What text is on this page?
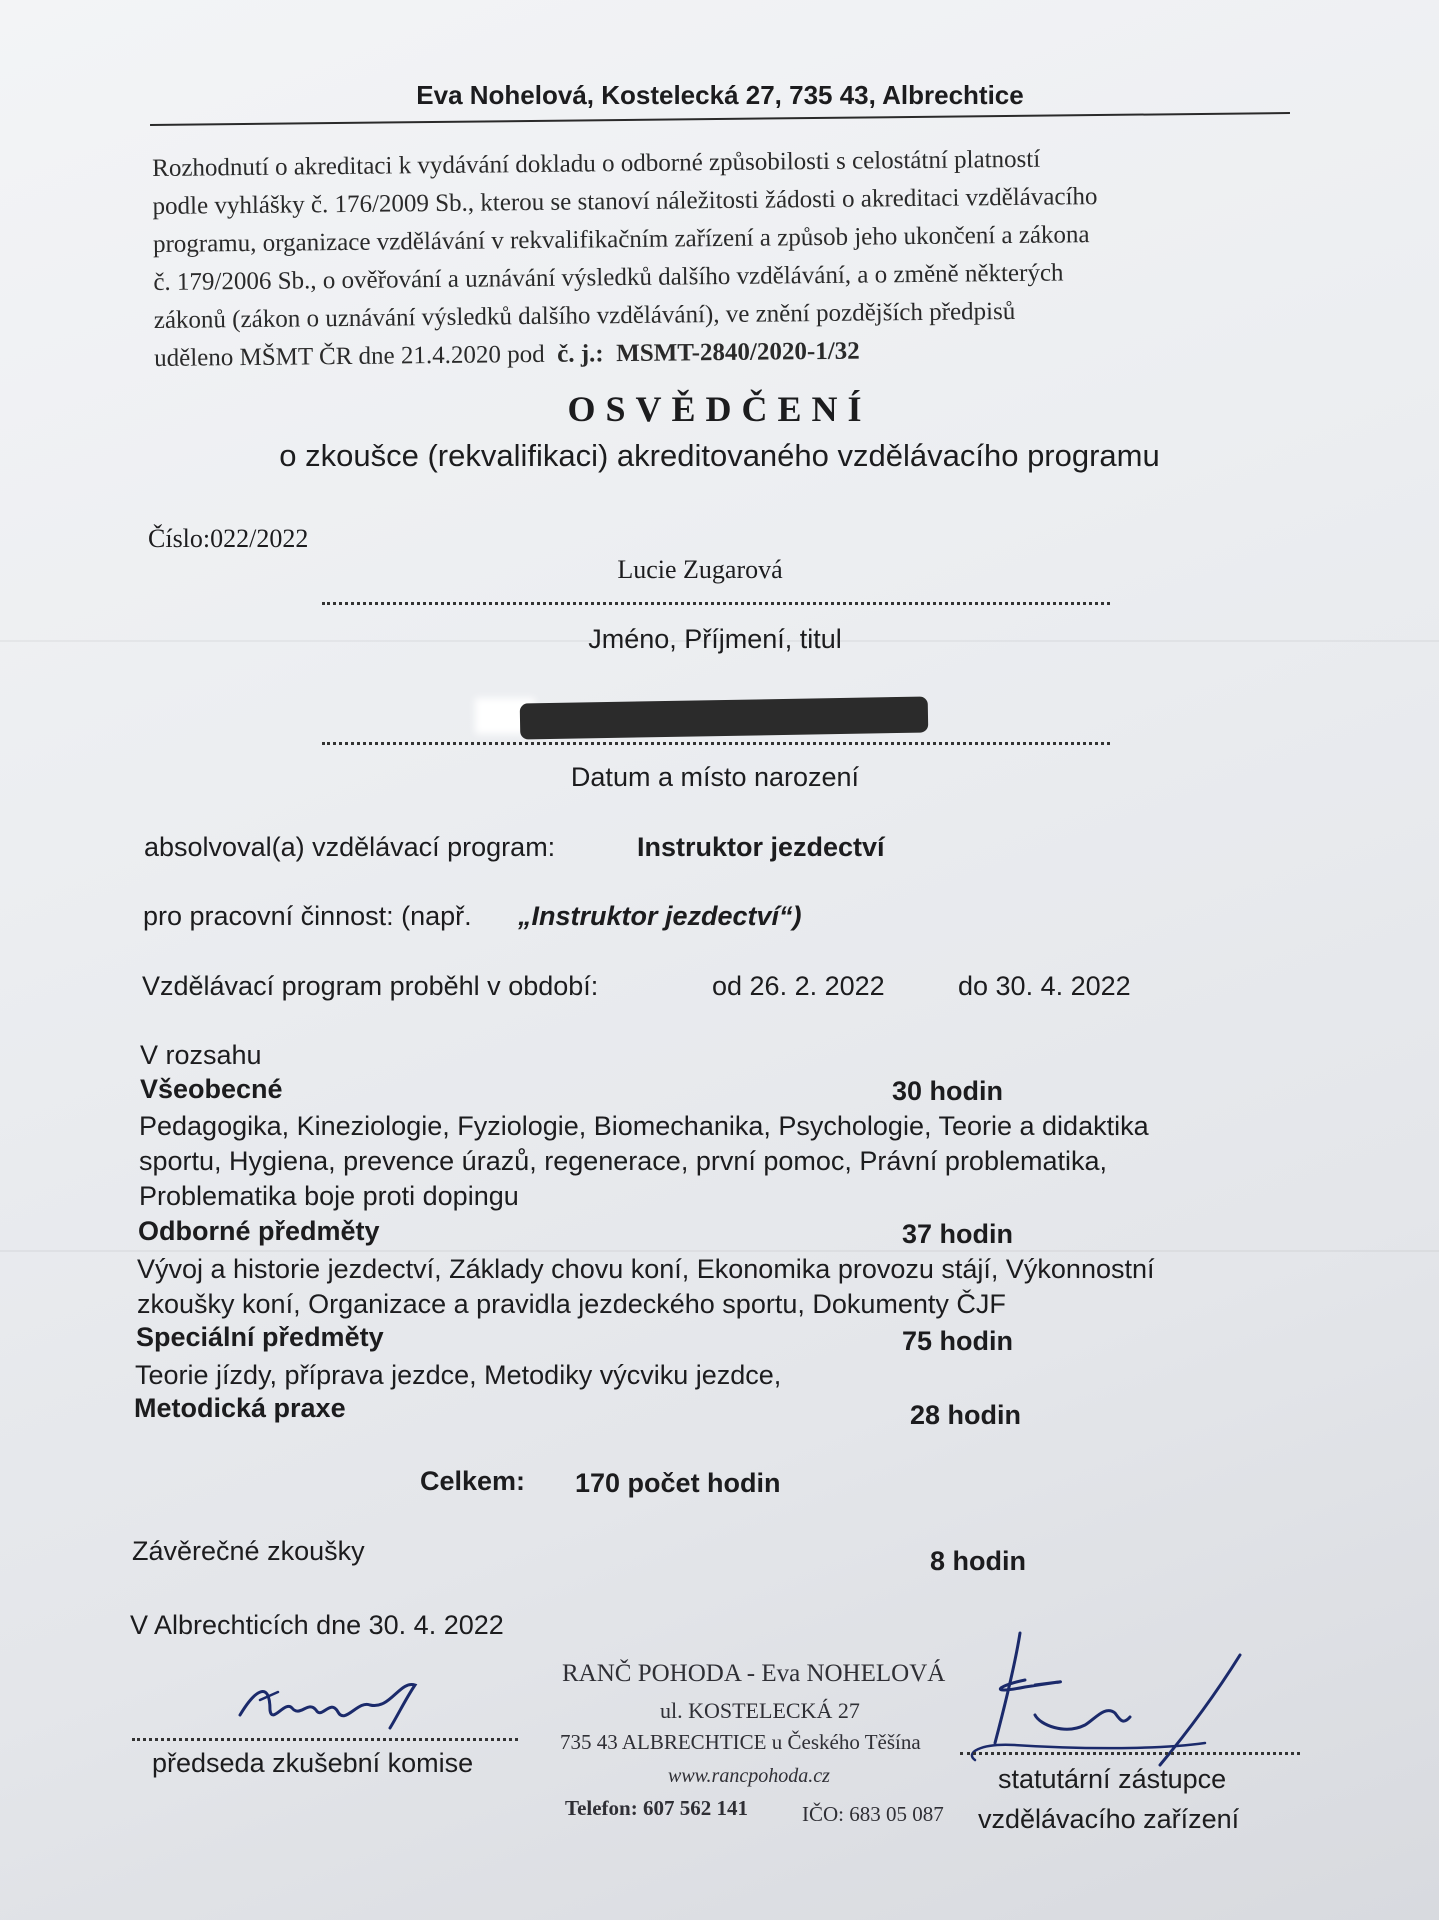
Eva Nohelová, Kostelecká 27, 735 43, Albrechtice
Rozhodnutí o akreditaci k vydávání dokladu o odborné způsobilosti s celostátní platností
podle vyhlášky č. 176/2009 Sb., kterou se stanoví náležitosti žádosti o akreditaci vzdělávacího
programu, organizace vzdělávání v rekvalifikačním zařízení a způsob jeho ukončení a zákona
č. 179/2006 Sb., o ověřování a uznávání výsledků dalšího vzdělávání, a o změně některých
zákonů (zákon o uznávání výsledků dalšího vzdělávání), ve znění pozdějších předpisů
uděleno MŠMT ČR dne 21.4.2020 pod č. j.: MSMT-2840/2020-1/32
OSVĚDČENÍ
o zkoušce (rekvalifikaci) akreditovaného vzdělávacího programu
Číslo:022/2022
Lucie Zugarová
Jméno, Příjmení, titul
Datum a místo narození
absolvoval(a) vzdělávací program:	Instruktor jezdectví
pro pracovní činnost: (např. „Instruktor jezdectví“)
Vzdělávací program proběhl v období:	od 26. 2. 2022	do 30. 4. 2022
V rozsahu
Všeobecné	30 hodin
Pedagogika, Kineziologie, Fyziologie, Biomechanika, Psychologie, Teorie a didaktika
sportu, Hygiena, prevence úrazů, regenerace, první pomoc, Právní problematika,
Problematika boje proti dopingu
Odborné předměty	37 hodin
Vývoj a historie jezdectví, Základy chovu koní, Ekonomika provozu stájí, Výkonnostní
zkoušky koní, Organizace a pravidla jezdeckého sportu, Dokumenty ČJF
Speciální předměty	75 hodin
Teorie jízdy, příprava jezdce, Metodiky výcviku jezdce,
Metodická praxe	28 hodin
Celkem: 170 počet hodin
Závěrečné zkoušky	8 hodin
V Albrechticích dne 30. 4. 2022
předseda zkušební komise
RANČ POHODA - Eva NOHELOVÁ
ul. KOSTELECKÁ 27
735 43 ALBRECHTICE u Českého Těšína
www.rancpohoda.cz
Telefon: 607 562 141	IČO: 683 05 087
statutární zástupce
vzdělávacího zařízení
